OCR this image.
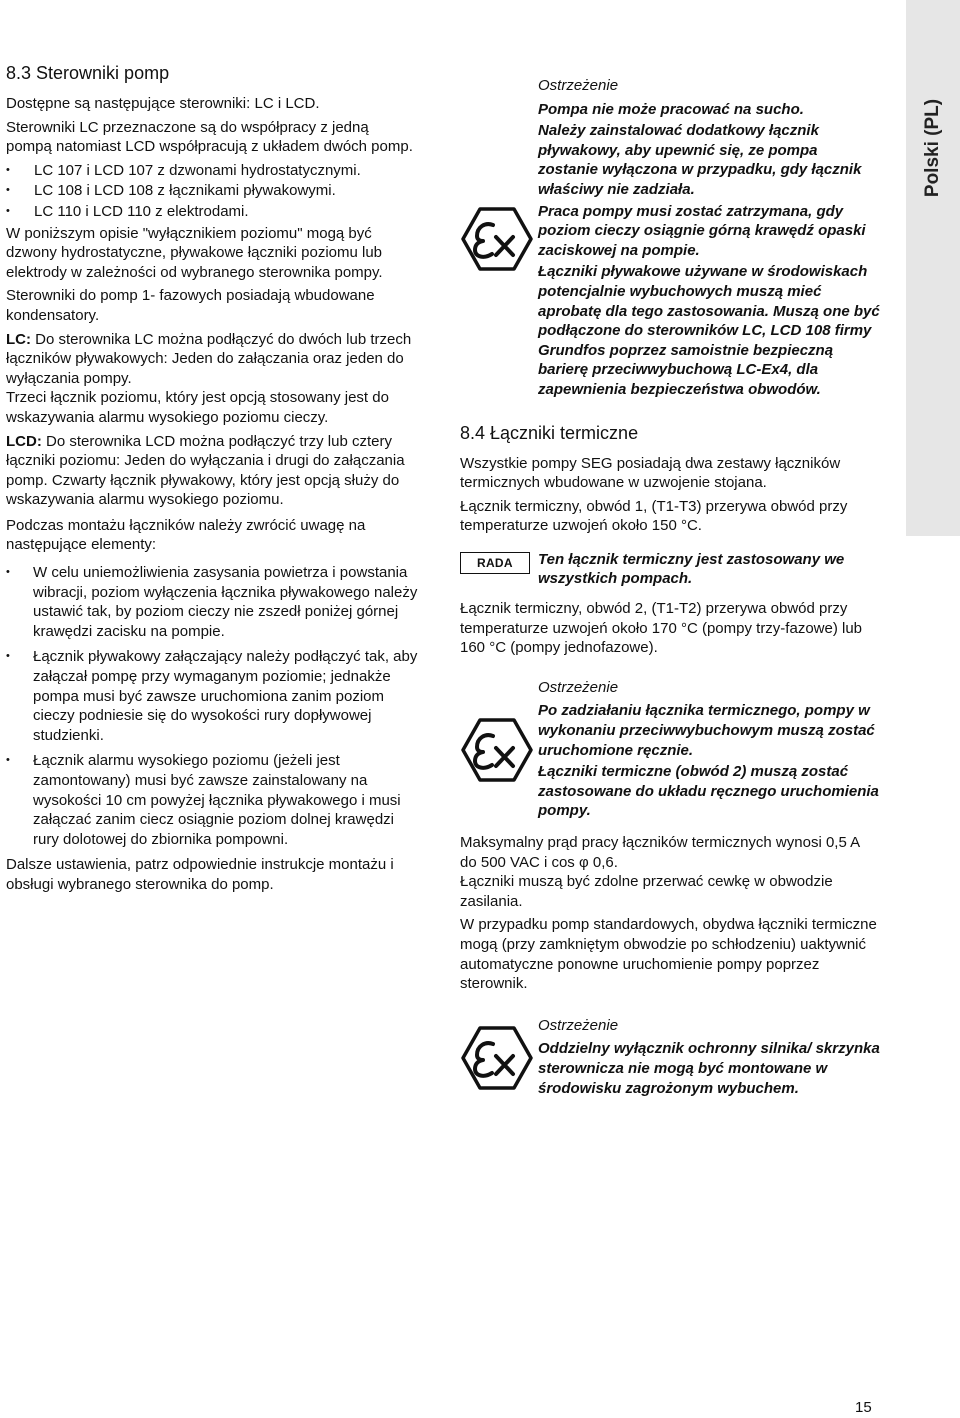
Polski (PL)
8.3 Sterowniki pomp

Dostępne są następujące sterowniki: LC i LCD.

Sterowniki LC przeznaczone są do współpracy z jedną pompą natomiast LCD współpracują z układem dwóch pomp.

• LC 107 i LCD 107 z dzwonami hydrostatycznymi.
• LC 108 i LCD 108 z łącznikami pływakowymi.
• LC 110 i LCD 110 z elektrodami.

W poniższym opisie "wyłącznikiem poziomu" mogą być dzwony hydrostatyczne, pływakowe łączniki poziomu lub elektrody w zależności od wybranego sterownika pompy.

Sterowniki do pomp 1- fazowych posiadają wbudowane kondensatory.

LC: Do sterownika LC można podłączyć do dwóch lub trzech łączników pływakowych: Jeden do załączania oraz jeden do wyłączania pompy.

Trzeci łącznik poziomu, który jest opcją stosowany jest do wskazywania alarmu wysokiego poziomu cieczy.

LCD: Do sterownika LCD można podłączyć trzy lub cztery łączniki poziomu: Jeden do wyłączania i drugi do załączania pomp. Czwarty łącznik pływakowy, który jest opcją służy do wskazywania alarmu wysokiego poziomu.

Podczas montażu łączników należy zwrócić uwagę na następujące elementy:

• W celu uniemożliwienia zasysania powietrza i powstania wibracji, poziom wyłączenia łącznika pływakowego należy ustawić tak, by poziom cieczy nie zszedł poniżej górnej krawędzi zacisku na pompie.
• Łącznik pływakowy załączający należy podłączyć tak, aby załączał pompę przy wymaganym poziomie; jednakże pompa musi być zawsze uruchomiona zanim poziom cieczy podniesie się do wysokości rury dopływowej studzienki.
• Łącznik alarmu wysokiego poziomu (jeżeli jest zamontowany) musi być zawsze zainstalowany na wysokości 10 cm powyżej łącznika pływakowego i musi załączać zanim ciecz osiągnie poziom dolnej krawędzi rury dolotowej do zbiornika pompowni.

Dalsze ustawienia, patrz odpowiednie instrukcje montażu i obsługi wybranego sterownika do pomp.

Ostrzeżenie
Pompa nie może pracować na sucho.
Należy zainstalować dodatkowy łącznik pływakowy, aby upewnić się, ze pompa zostanie wyłączona w przypadku, gdy łącznik właściwy nie zadziała.
Praca pompy musi zostać zatrzymana, gdy poziom cieczy osiągnie górną krawędź opaski zaciskowej na pompie.
Łączniki pływakowe używane w środowiskach potencjalnie wybuchowych muszą mieć aprobatę dla tego zastosowania. Muszą one być podłączone do sterowników LC, LCD 108 firmy Grundfos poprzez samoistnie bezpieczną barierę przeciwwybuchową LC-Ex4, dla zapewnienia bezpieczeństwa obwodów.
8.4 Łączniki termiczne

Wszystkie pompy SEG posiadają dwa zestawy łączników termicznych wbudowane w uzwojenie stojana.

Łącznik termiczny, obwód 1, (T1-T3) przerywa obwód przy temperaturze uzwojeń około 150 °C.

RADA	Ten łącznik termiczny jest zastosowany we wszystkich pompach.

Łącznik termiczny, obwód 2, (T1-T2) przerywa obwód przy temperaturze uzwojeń około 170 °C (pompy trzy-fazowe) lub 160 °C (pompy jednofazowe).

Ostrzeżenie
Po zadziałaniu łącznika termicznego, pompy w wykonaniu przeciwwybuchowym muszą zostać uruchomione ręcznie.
Łączniki termiczne (obwód 2) muszą zostać zastosowane do układu ręcznego uruchomienia pompy.

Maksymalny prąd pracy łączników termicznych wynosi 0,5 A do 500 VAC i cos φ 0,6.

Łączniki muszą być zdolne przerwać cewkę w obwodzie zasilania.

W przypadku pomp standardowych, obydwa łączniki termiczne mogą (przy zamkniętym obwodzie po schłodzeniu) uaktywnić automatyczne ponowne uruchomienie pompy poprzez sterownik.

Ostrzeżenie
Oddzielny wyłącznik ochronny silnika/ skrzynka sterownicza nie mogą być montowane w środowisku zagrożonym wybuchem.
15
